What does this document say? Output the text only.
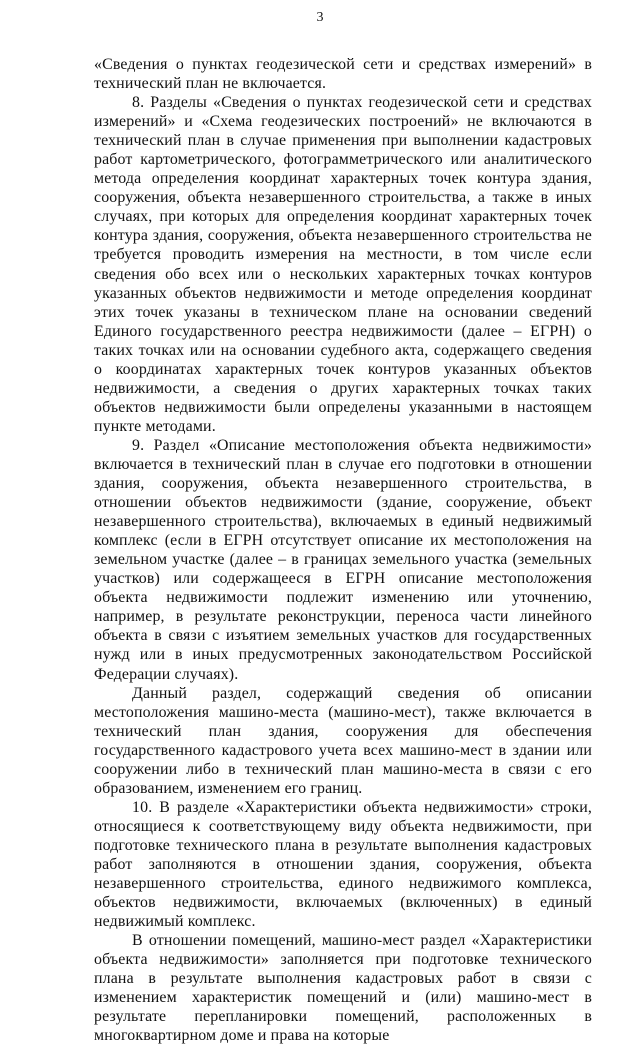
3

«Сведения о пунктах геодезической сети и средствах измерений» в технический план не включается.

8. Разделы «Сведения о пунктах геодезической сети и средствах измерений» и «Схема геодезических построений» не включаются в технический план в случае применения при выполнении кадастровых работ картометрического, фотограмметрического или аналитического метода определения координат характерных точек контура здания, сооружения, объекта незавершенного строительства, а также в иных случаях, при которых для определения координат характерных точек контура здания, сооружения, объекта незавершенного строительства не требуется проводить измерения на местности, в том числе если сведения обо всех или о нескольких характерных точках контуров указанных объектов недвижимости и методе определения координат этих точек указаны в техническом плане на основании сведений Единого государственного реестра недвижимости (далее – ЕГРН) о таких точках или на основании судебного акта, содержащего сведения о координатах характерных точек контуров указанных объектов недвижимости, а сведения о других характерных точках таких объектов недвижимости были определены указанными в настоящем пункте методами.

9. Раздел «Описание местоположения объекта недвижимости» включается в технический план в случае его подготовки в отношении здания, сооружения, объекта незавершенного строительства, в отношении объектов недвижимости (здание, сооружение, объект незавершенного строительства), включаемых в единый недвижимый комплекс (если в ЕГРН отсутствует описание их местоположения на земельном участке (далее – в границах земельного участка (земельных участков) или содержащееся в ЕГРН описание местоположения объекта недвижимости подлежит изменению или уточнению, например, в результате реконструкции, переноса части линейного объекта в связи с изъятием земельных участков для государственных нужд или в иных предусмотренных законодательством Российской Федерации случаях).

Данный раздел, содержащий сведения об описании местоположения машино-места (машино-мест), также включается в технический план здания, сооружения для обеспечения государственного кадастрового учета всех машино-мест в здании или сооружении либо в технический план машино-места в связи с его образованием, изменением его границ.

10. В разделе «Характеристики объекта недвижимости» строки, относящиеся к соответствующему виду объекта недвижимости, при подготовке технического плана в результате выполнения кадастровых работ заполняются в отношении здания, сооружения, объекта незавершенного строительства, единого недвижимого комплекса, объектов недвижимости, включаемых (включенных) в единый недвижимый комплекс.

В отношении помещений, машино-мест раздел «Характеристики объекта недвижимости» заполняется при подготовке технического плана в результате выполнения кадастровых работ в связи с изменением характеристик помещений и (или) машино-мест в результате перепланировки помещений, расположенных в многоквартирном доме и права на которые
